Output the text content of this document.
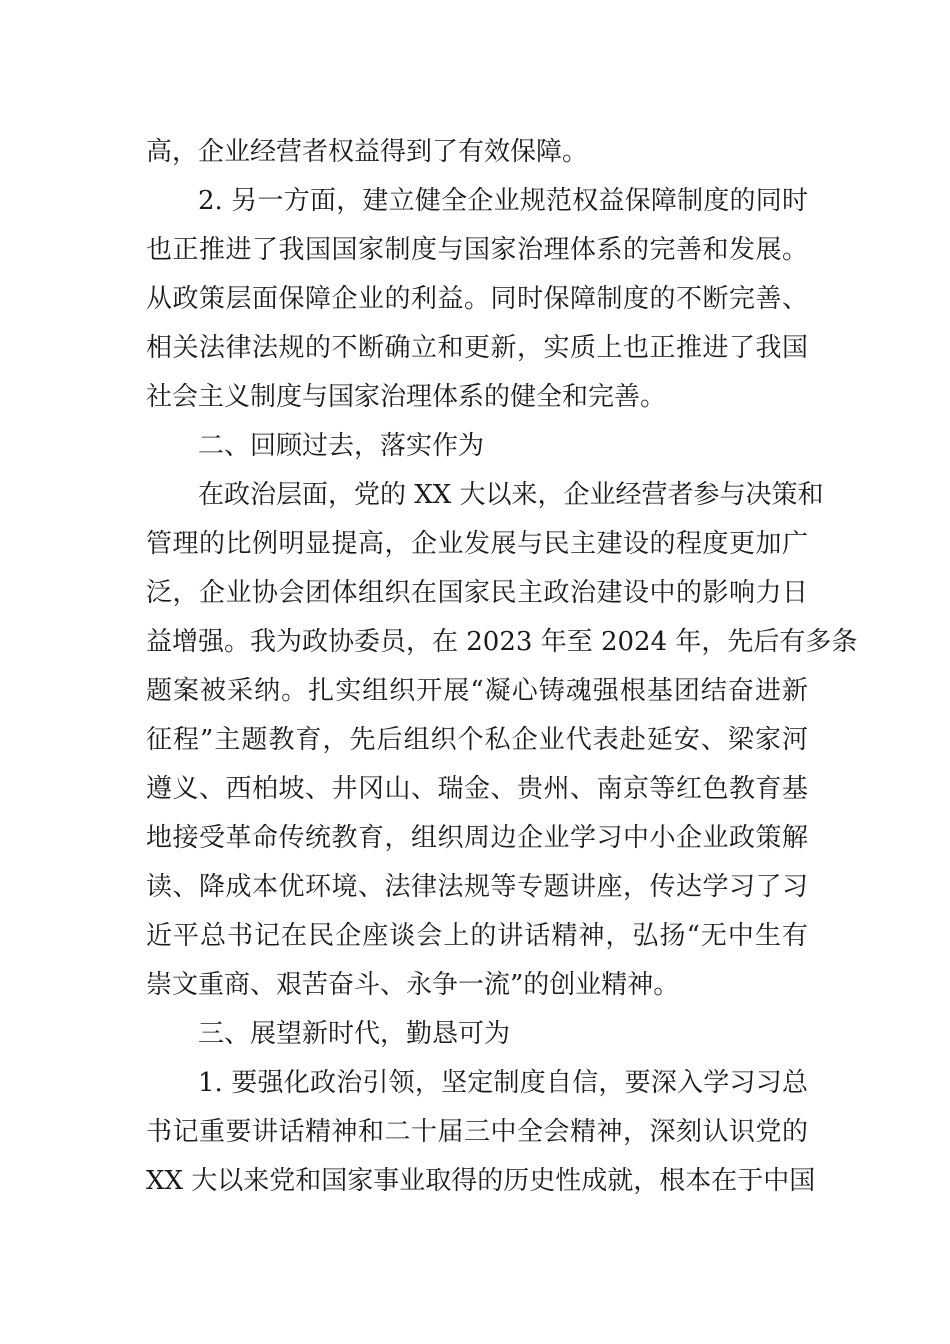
高，企业经营者权益得到了有效保障。
2. 另一方面，建立健全企业规范权益保障制度的同时
也正推进了我国国家制度与国家治理体系的完善和发展。
从政策层面保障企业的利益。同时保障制度的不断完善、
相关法律法规的不断确立和更新，实质上也正推进了我国
社会主义制度与国家治理体系的健全和完善。
二、回顾过去，落实作为
在政治层面，党的 XX 大以来，企业经营者参与决策和
管理的比例明显提高，企业发展与民主建设的程度更加广
泛，企业协会团体组织在国家民主政治建设中的影响力日
益增强。我为政协委员，在 2023 年至 2024 年，先后有多条
题案被采纳。扎实组织开展“凝心铸魂强根基团结奋进新
征程”主题教育，先后组织个私企业代表赴延安、梁家河
遵义、西柏坡、井冈山、瑞金、贵州、南京等红色教育基
地接受革命传统教育，组织周边企业学习中小企业政策解
读、降成本优环境、法律法规等专题讲座，传达学习了习
近平总书记在民企座谈会上的讲话精神，弘扬“无中生有
崇文重商、艰苦奋斗、永争一流”的创业精神。
三、展望新时代，勤恳可为
1. 要强化政治引领，坚定制度自信，要深入学习习总
书记重要讲话精神和二十届三中全会精神，深刻认识党的
XX 大以来党和国家事业取得的历史性成就，根本在于中国
